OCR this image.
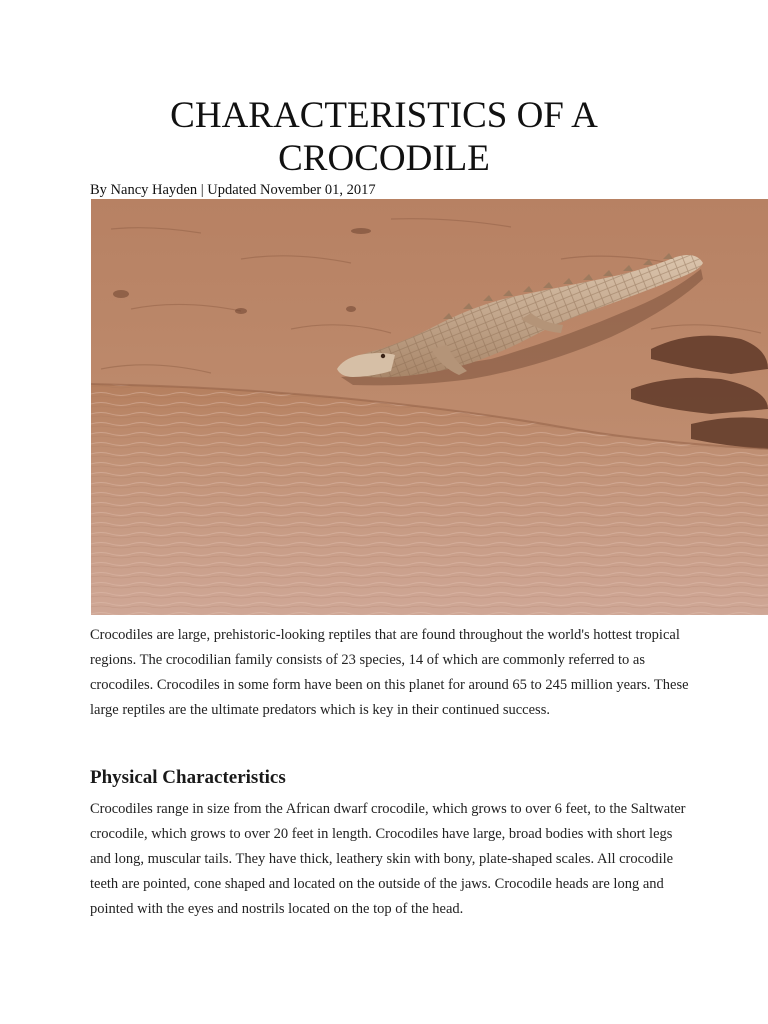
CHARACTERISTICS OF A
CROCODILE

By Nancy Hayden | Updated November 01, 2017

Crocodiles are large, prehistoric-looking reptiles that are found throughout the world's hottest tropical regions. The crocodilian family consists of 23 species, 14 of which are commonly referred to as crocodiles. Crocodiles in some form have been on this planet for around 65 to 245 million years. These large reptiles are the ultimate predators which is key in their continued success.

Physical Characteristics

Crocodiles range in size from the African dwarf crocodile, which grows to over 6 feet, to the Saltwater crocodile, which grows to over 20 feet in length. Crocodiles have large, broad bodies with short legs and long, muscular tails. They have thick, leathery skin with bony, plate-shaped scales. All crocodile teeth are pointed, cone shaped and located on the outside of the jaws. Crocodile heads are long and pointed with the eyes and nostrils located on the top of the head.
